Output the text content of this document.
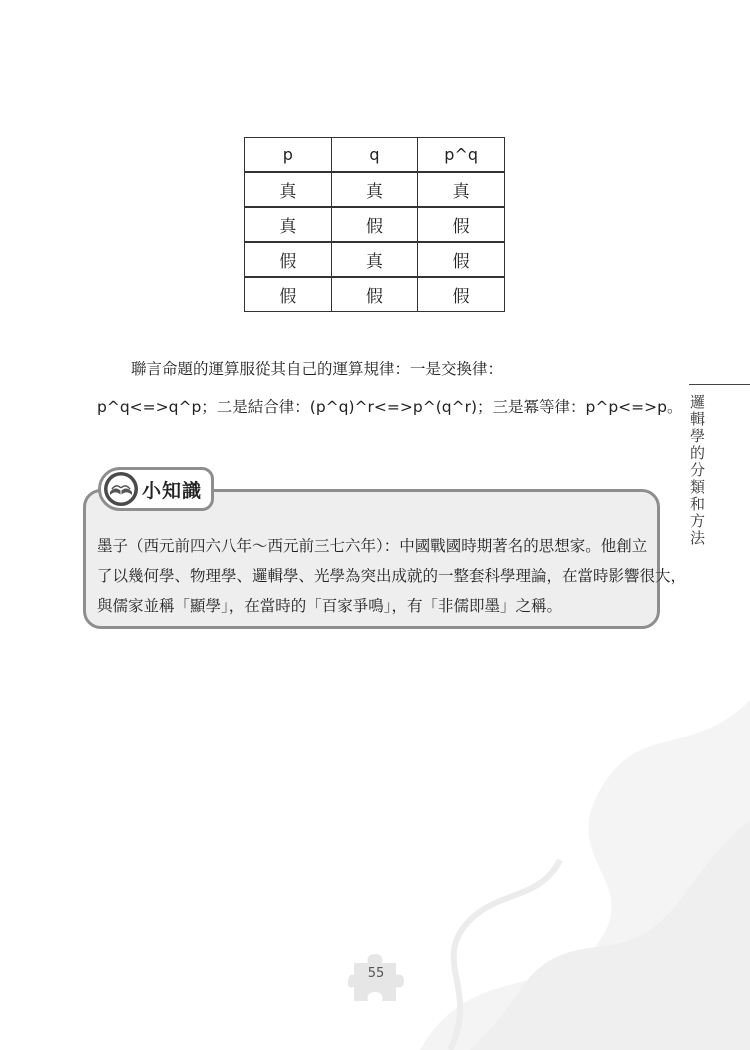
p	q	p^q
真	真	真
真	假	假
假	真	假
假	假	假
聯言命題的運算服從其自己的運算規律：一是交換律：
p^q<=>q^p；二是結合律：(p^q)^r<=>p^(q^r)；三是冪等律：p^p<=>p。 邏輯學的分類和方法
小知識
墨子（西元前四六八年～西元前三七六年）：中國戰國時期著名的思想家。他創立
了以幾何學、物理學、邏輯學、光學為突出成就的一整套科學理論，在當時影響很大，
與儒家並稱「顯學」，在當時的「百家爭鳴」，有「非儒即墨」之稱。
55
